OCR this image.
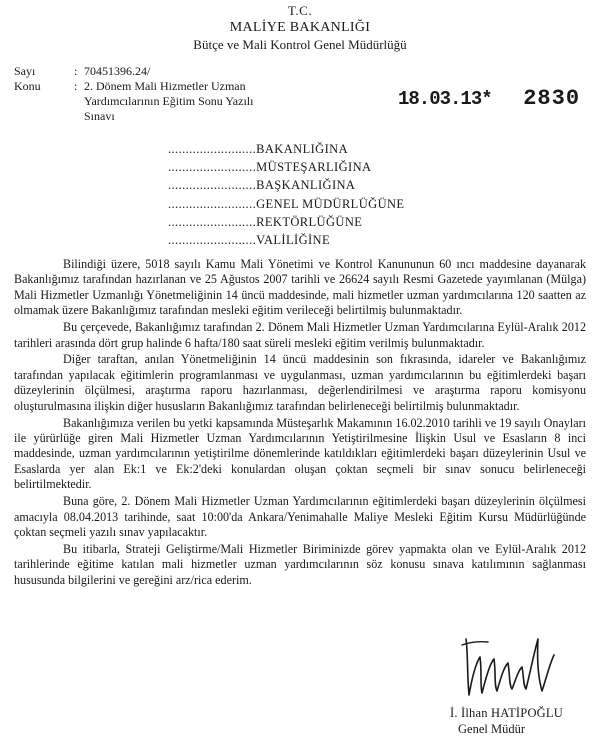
T.C.
MALİYE BAKANLIĞI
Bütçe ve Mali Kontrol Genel Müdürlüğü
Sayı	: 70451396.24/
Konu	: 2. Dönem Mali Hizmetler Uzman
Yardımcılarının Eğitim Sonu Yazılı
Sınavı
18.03.13* 2830
.........................BAKANLIĞINA
.........................MÜSTEŞARLIĞINA
.........................BAŞKANLIĞINA
.........................GENEL MÜDÜRLÜĞÜNE
.........................REKTÖRLÜĞÜNE
.........................VALİLİĞİNE

Bilindiği üzere, 5018 sayılı Kamu Mali Yönetimi ve Kontrol Kanununun 60 ıncı maddesine dayanarak Bakanlığımız tarafından hazırlanan ve 25 Ağustos 2007 tarihli ve 26624 sayılı Resmi Gazetede yayımlanan (Mülga) Mali Hizmetler Uzmanlığı Yönetmeliğinin 14 üncü maddesinde, mali hizmetler uzman yardımcılarına 120 saatten az olmamak üzere Bakanlığımız tarafından mesleki eğitim verileceği belirtilmiş bulunmaktadır.

Bu çerçevede, Bakanlığımız tarafından 2. Dönem Mali Hizmetler Uzman Yardımcılarına Eylül-Aralık 2012 tarihleri arasında dört grup halinde 6 hafta/180 saat süreli mesleki eğitim verilmiş bulunmaktadır.

Diğer taraftan, anılan Yönetmeliğinin 14 üncü maddesinin son fıkrasında, idareler ve Bakanlığımız tarafından yapılacak eğitimlerin programlanması ve uygulanması, uzman yardımcılarının bu eğitimlerdeki başarı düzeylerinin ölçülmesi, araştırma raporu hazırlanması, değerlendirilmesi ve araştırma raporu komisyonu oluşturulmasına ilişkin diğer hususların Bakanlığımız tarafından belirleneceği belirtilmiş bulunmaktadır.

Bakanlığımıza verilen bu yetki kapsamında Müsteşarlık Makamının 16.02.2010 tarihli ve 19 sayılı Onayları ile yürürlüğe giren Mali Hizmetler Uzman Yardımcılarının Yetiştirilmesine İlişkin Usul ve Esasların 8 inci maddesinde, uzman yardımcılarının yetiştirilme dönemlerinde katıldıkları eğitimlerdeki başarı düzeylerinin Usul ve Esaslarda yer alan Ek:1 ve Ek:2'deki konulardan oluşan çoktan seçmeli bir sınav sonucu belirleneceği belirtilmektedir.

Buna göre, 2. Dönem Mali Hizmetler Uzman Yardımcılarının eğitimlerdeki başarı düzeylerinin ölçülmesi amacıyla 08.04.2013 tarihinde, saat 10:00'da Ankara/Yenimahalle Maliye Mesleki Eğitim Kursu Müdürlüğünde çoktan seçmeli yazılı sınav yapılacaktır.

Bu itibarla, Strateji Geliştirme/Mali Hizmetler Biriminizde görev yapmakta olan ve Eylül-Aralık 2012 tarihlerinde eğitime katılan mali hizmetler uzman yardımcılarının söz konusu sınava katılımının sağlanması hususunda bilgilerini ve gereğini arz/rica ederim.

İ. İlhan HATİPOĞLU
Genel Müdür
